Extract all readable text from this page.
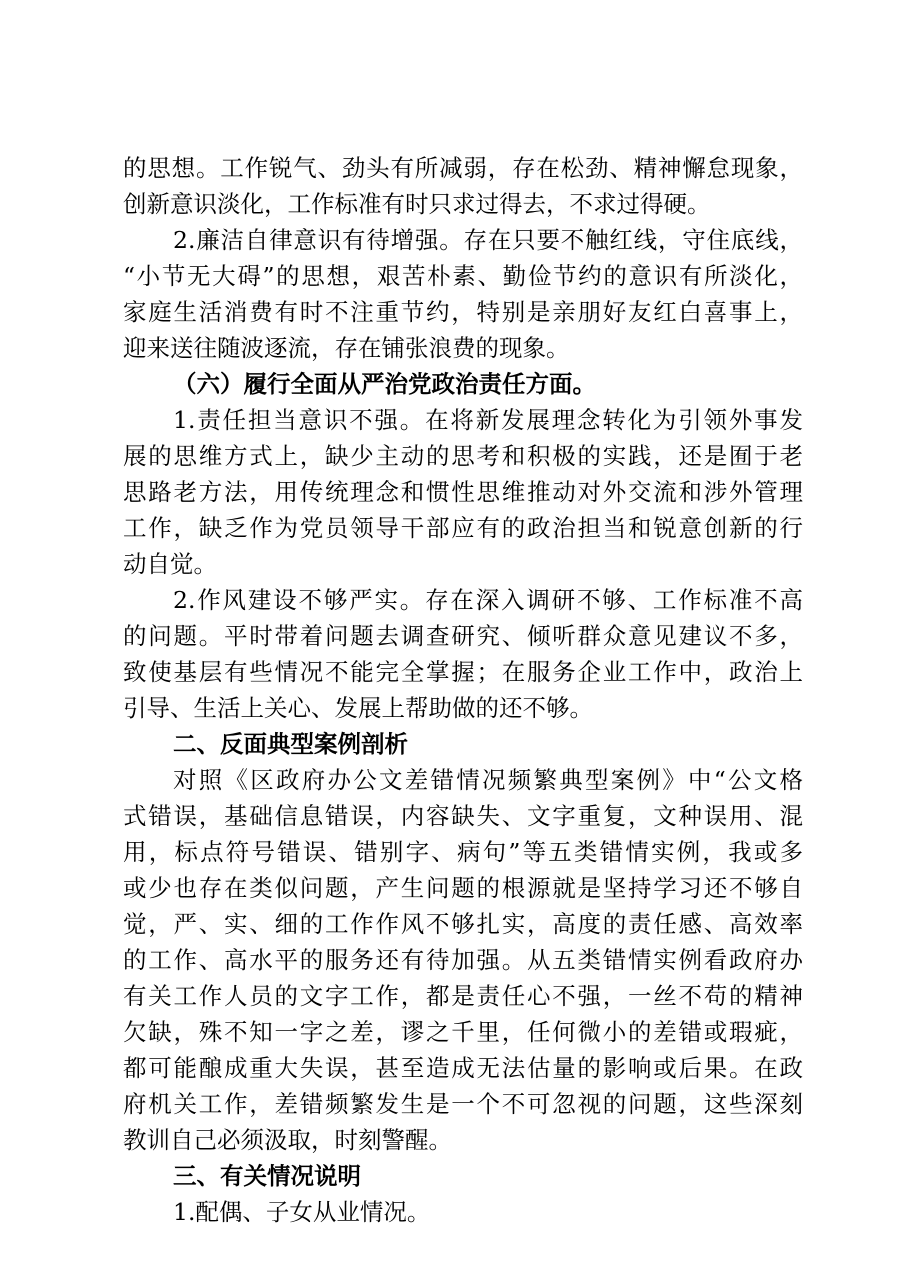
的思想。工作锐气、劲头有所减弱，存在松劲、精神懈怠现象，
创新意识淡化，工作标准有时只求过得去，不求过得硬。
2.廉洁自律意识有待增强。存在只要不触红线，守住底线，
“小节无大碍”的思想，艰苦朴素、勤俭节约的意识有所淡化，
家庭生活消费有时不注重节约，特别是亲朋好友红白喜事上，
迎来送往随波逐流，存在铺张浪费的现象。
（六）履行全面从严治党政治责任方面。
1.责任担当意识不强。在将新发展理念转化为引领外事发
展的思维方式上，缺少主动的思考和积极的实践，还是囿于老
思路老方法，用传统理念和惯性思维推动对外交流和涉外管理
工作，缺乏作为党员领导干部应有的政治担当和锐意创新的行
动自觉。
2.作风建设不够严实。存在深入调研不够、工作标准不高
的问题。平时带着问题去调查研究、倾听群众意见建议不多，
致使基层有些情况不能完全掌握；在服务企业工作中，政治上
引导、生活上关心、发展上帮助做的还不够。
二、反面典型案例剖析
对照《区政府办公文差错情况频繁典型案例》中“公文格
式错误，基础信息错误，内容缺失、文字重复，文种误用、混
用，标点符号错误、错别字、病句”等五类错情实例，我或多
或少也存在类似问题，产生问题的根源就是坚持学习还不够自
觉，严、实、细的工作作风不够扎实，高度的责任感、高效率
的工作、高水平的服务还有待加强。从五类错情实例看政府办
有关工作人员的文字工作，都是责任心不强，一丝不苟的精神
欠缺，殊不知一字之差，谬之千里，任何微小的差错或瑕疵，
都可能酿成重大失误，甚至造成无法估量的影响或后果。在政
府机关工作，差错频繁发生是一个不可忽视的问题，这些深刻
教训自己必须汲取，时刻警醒。
三、有关情况说明
1.配偶、子女从业情况。
